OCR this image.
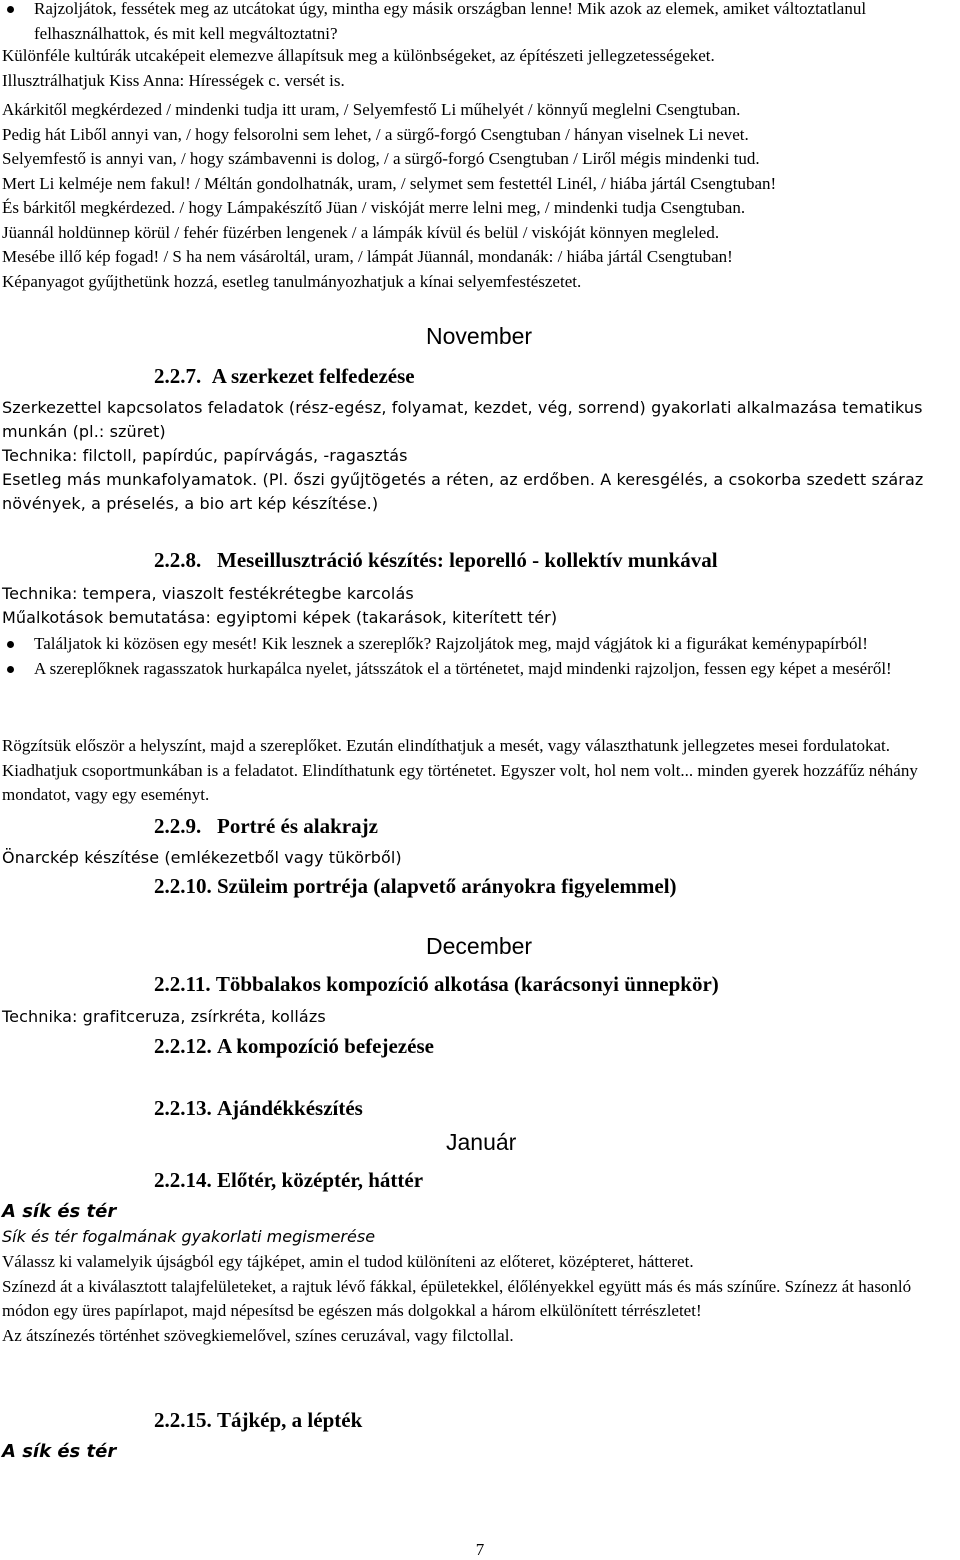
Rajzoljátok, fessétek meg az utcátokat úgy, mintha egy másik országban lenne! Mik azok az elemek, amiket változtatlanul felhasználhattok, és mit kell megváltoztatni?

Különféle kultúrák utcaképeit elemezve állapítsuk meg a különbségeket, az építészeti jellegzetességeket.

Illusztrálhatjuk Kiss Anna: Hírességek c. versét is.

Akárkitől megkérdezed / mindenki tudja itt uram, / Selyemfestő Li műhelyét / könnyű meglelni Csengtuban.

Pedig hát Liből annyi van, / hogy felsorolni sem lehet, / a sürgő-forgó Csengtuban / hányan viselnek Li nevet.

Selyemfestő is annyi van, / hogy számbavenni is dolog, / a sürgő-forgó Csengtuban / Liről mégis mindenki tud.

Mert Li kelméje nem fakul! / Méltán gondolhatnák, uram, / selymet sem festettél Linél, / hiába jártál Csengtuban!

És bárkitől megkérdezed. / hogy Lámpakészítő Jüan / viskóját merre lelni meg, / mindenki tudja Csengtuban.

Jüannál holdünnep körül / fehér füzérben lengenek / a lámpák kívül és belül / viskóját könnyen megleled.

Mesébe illő kép fogad! / S ha nem vásároltál, uram, / lámpát Jüannál, mondanák: / hiába jártál Csengtuban!

Képanyagot gyűjthetünk hozzá, esetleg tanulmányozhatjuk a kínai selyemfestészetet.

November
2.2.7. A szerkezet felfedezése

Szerkezettel kapcsolatos feladatok (rész-egész, folyamat, kezdet, vég, sorrend) gyakorlati alkalmazása tematikus munkán (pl.: szüret)

Technika: filctoll, papírdúc, papírvágás, -ragasztás

Esetleg más munkafolyamatok. (Pl. őszi gyűjtögetés a réten, az erdőben. A keresgélés, a csokorba szedett száraz növények, a préselés, a bio art kép készítése.)

2.2.8. Meseillusztráció készítés: leporelló - kollektív munkával

Technika: tempera, viaszolt festékrétegbe karcolás

Műalkotások bemutatása: egyiptomi képek (takarások, kiterített tér)

Találjatok ki közösen egy mesét! Kik lesznek a szereplők? Rajzoljátok meg, majd vágjátok ki a figurákat keménypapírból!
A szereplőknek ragasszatok hurkapálca nyelet, játsszátok el a történetet, majd mindenki rajzoljon, fessen egy képet a meséről!

Rögzítsük először a helyszínt, majd a szereplőket. Ezután elindíthatjuk a mesét, vagy választhatunk jellegzetes mesei fordulatokat. Kiadhatjuk csoportmunkában is a feladatot. Elindíthatunk egy történetet. Egyszer volt, hol nem volt... minden gyerek hozzáfűz néhány mondatot, vagy egy eseményt.

2.2.9. Portré és alakrajz

Önarckép készítése (emlékezetből vagy tükörből)

2.2.10. Szüleim portréja (alapvető arányokra figyelemmel)
December
2.2.11. Többalakos kompozíció alkotása (karácsonyi ünnepkör)

Technika: grafitceruza, zsírkréta, kollázs

2.2.12. A kompozíció befejezése
2.2.13. Ajándékkészítés
Január
2.2.14. Előtér, középtér, háttér
A sík és tér
Sík és tér fogalmának gyakorlati megismerése

Válassz ki valamelyik újságból egy tájképet, amin el tudod különíteni az előteret, középteret, hátteret.

Színezd át a kiválasztott talajfelületeket, a rajtuk lévő fákkal, épületekkel, élőlényekkel együtt más és más színűre. Színezz át hasonló módon egy üres papírlapot, majd népesítsd be egészen más dolgokkal a három elkülönített térrészletet!

Az átszínezés történhet szövegkiemelővel, színes ceruzával, vagy filctollal.

2.2.15. Tájkép, a lépték
A sík és tér
7
